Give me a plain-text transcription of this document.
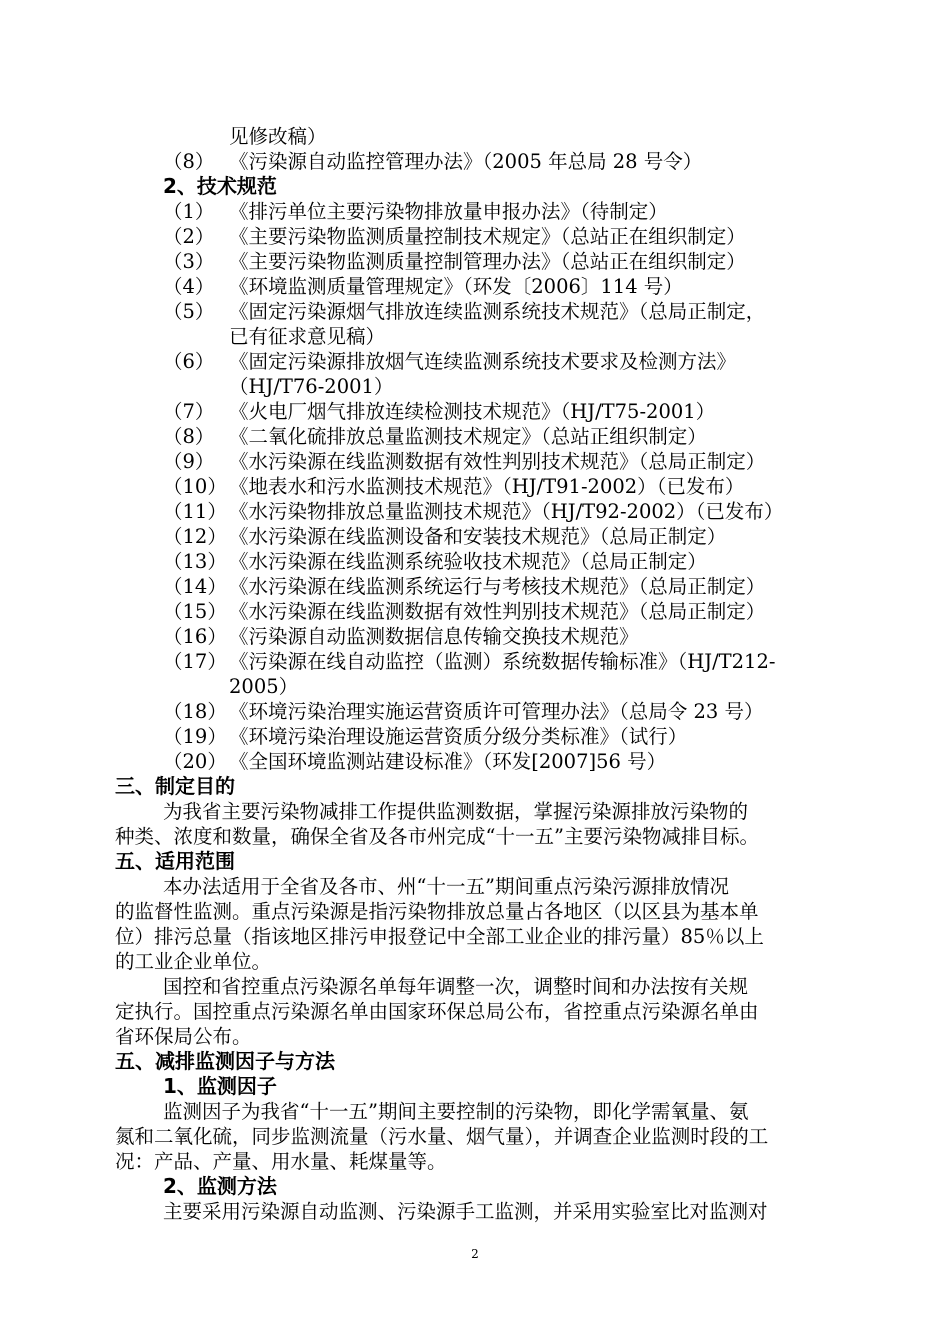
见修改稿）
（8） 《污染源自动监控管理办法》（2005 年总局 28 号令）
2、技术规范
（1） 《排污单位主要污染物排放量申报办法》（待制定）
（2） 《主要污染物监测质量控制技术规定》（总站正在组织制定）
（3） 《主要污染物监测质量控制管理办法》（总站正在组织制定）
（4） 《环境监测质量管理规定》（环发〔2006〕114 号）
（5） 《固定污染源烟气排放连续监测系统技术规范》（总局正制定，
已有征求意见稿）
（6） 《固定污染源排放烟气连续监测系统技术要求及检测方法》
（HJ/T76-2001）
（7） 《火电厂烟气排放连续检测技术规范》（HJ/T75-2001）
（8） 《二氧化硫排放总量监测技术规定》（总站正组织制定）
（9） 《水污染源在线监测数据有效性判别技术规范》（总局正制定）
（10） 《地表水和污水监测技术规范》（HJ/T91-2002）（已发布）
（11） 《水污染物排放总量监测技术规范》（HJ/T92-2002）（已发布）
（12） 《水污染源在线监测设备和安装技术规范》（总局正制定）
（13） 《水污染源在线监测系统验收技术规范》（总局正制定）
（14） 《水污染源在线监测系统运行与考核技术规范》（总局正制定）
（15） 《水污染源在线监测数据有效性判别技术规范》（总局正制定）
（16） 《污染源自动监测数据信息传输交换技术规范》
（17） 《污染源在线自动监控（监测）系统数据传输标准》（HJ/T212-
2005）
（18） 《环境污染治理实施运营资质许可管理办法》（总局令 23 号）
（19） 《环境污染治理设施运营资质分级分类标准》（试行）
（20） 《全国环境监测站建设标准》（环发[2007]56 号）
三、制定目的
为我省主要污染物减排工作提供监测数据，掌握污染源排放污染物的
种类、浓度和数量，确保全省及各市州完成“十一五”主要污染物减排目标。
五、适用范围
本办法适用于全省及各市、州“十一五”期间重点污染污源排放情况
的监督性监测。重点污染源是指污染物排放总量占各地区（以区县为基本单
位）排污总量（指该地区排污申报登记中全部工业企业的排污量）85％以上
的工业企业单位。
国控和省控重点污染源名单每年调整一次，调整时间和办法按有关规
定执行。国控重点污染源名单由国家环保总局公布，省控重点污染源名单由
省环保局公布。
五、减排监测因子与方法
1、监测因子
监测因子为我省“十一五”期间主要控制的污染物，即化学需氧量、氨
氮和二氧化硫，同步监测流量（污水量、烟气量），并调查企业监测时段的工
况：产品、产量、用水量、耗煤量等。
2、监测方法
主要采用污染源自动监测、污染源手工监测，并采用实验室比对监测对
2
